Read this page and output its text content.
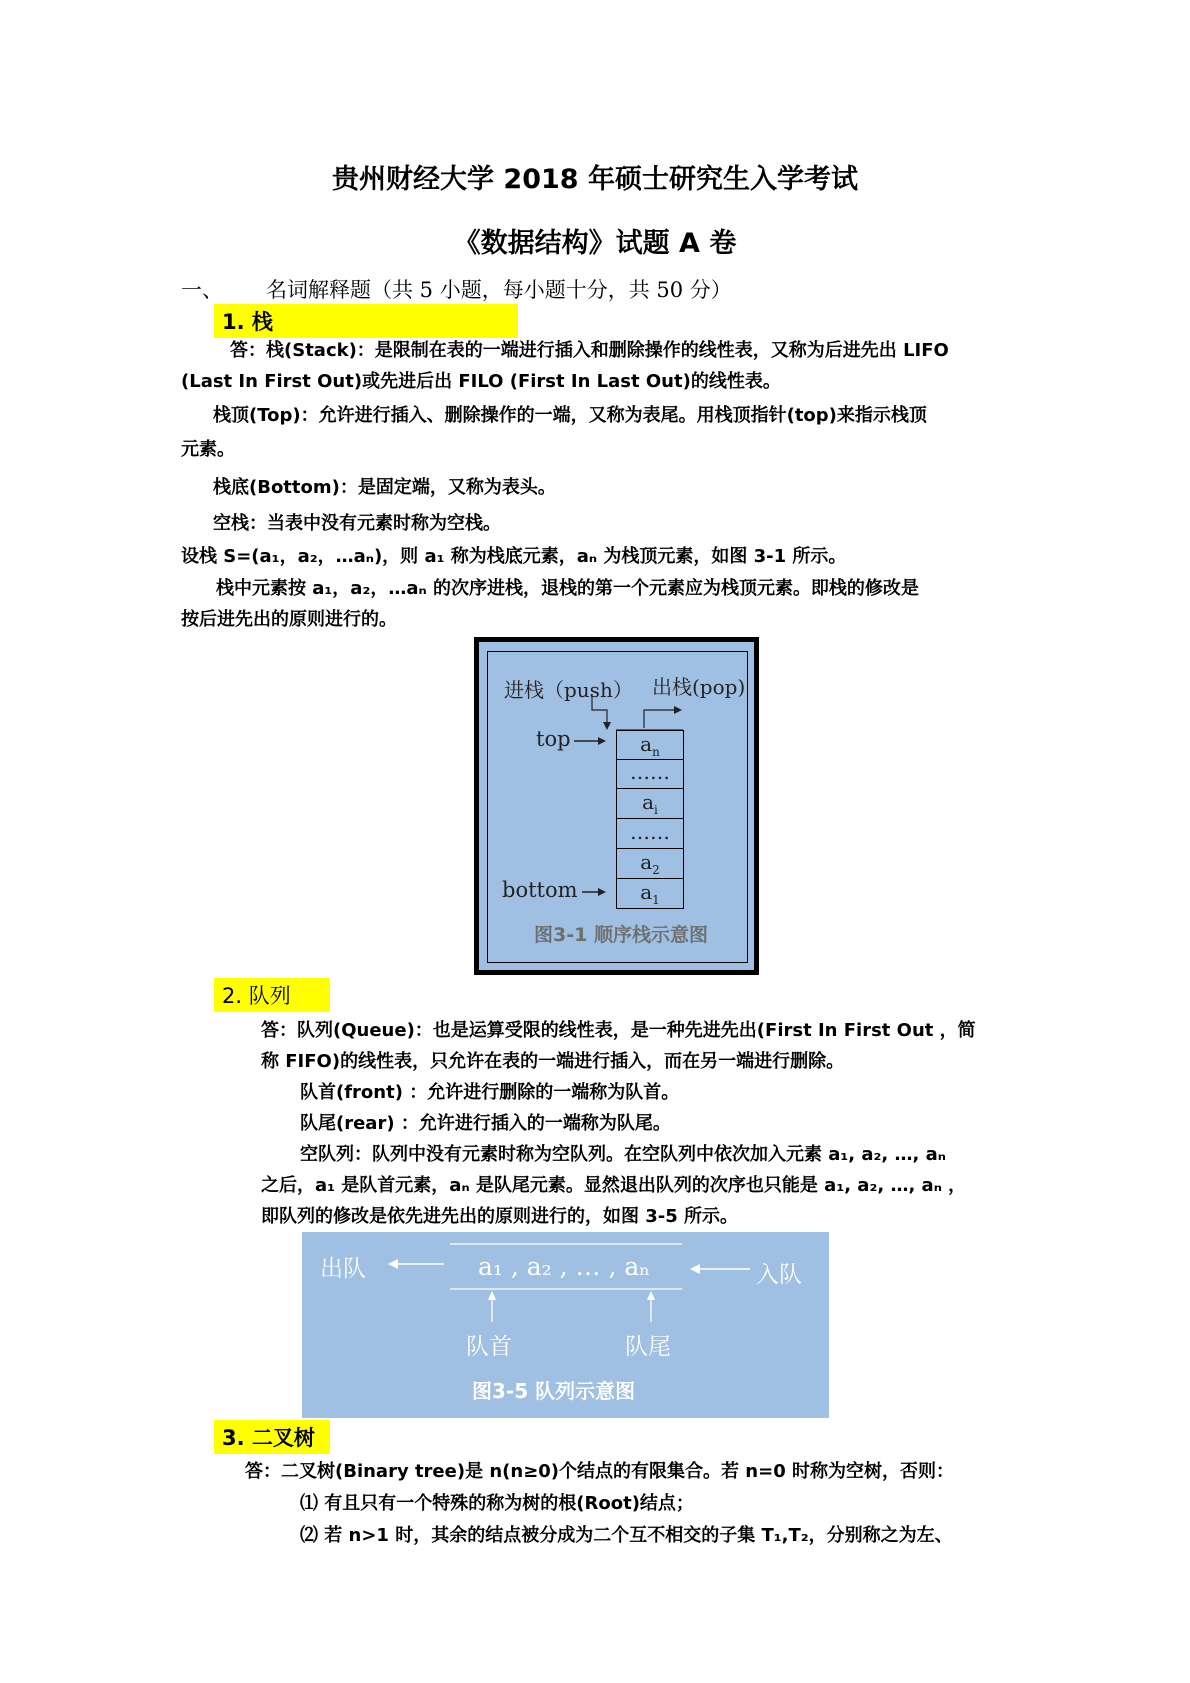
贵州财经大学 2018 年硕士研究生入学考试
《数据结构》试题 A 卷
一、 名词解释题（共 5 小题，每小题十分，共 50 分）
1. 栈
答：栈(Stack)：是限制在表的一端进行插入和删除操作的线性表，又称为后进先出 LIFO
(Last In First Out)或先进后出 FILO (First In Last Out)的线性表。
栈顶(Top)：允许进行插入、删除操作的一端，又称为表尾。用栈顶指针(top)来指示栈顶
元素。
栈底(Bottom)：是固定端，又称为表头。
空栈：当表中没有元素时称为空栈。
设栈 S=(a₁，a₂，…aₙ)，则 a₁ 称为栈底元素，aₙ 为栈顶元素，如图 3-1 所示。
栈中元素按 a₁，a₂，…aₙ 的次序进栈，退栈的第一个元素应为栈顶元素。即栈的修改是
按后进先出的原则进行的。
进栈（push） 出栈(pop)
top
bottom
$a_n$
……
$a_i$
……
$a_2$
$a_1$
图3-1 顺序栈示意图
2. 队列
答：队列(Queue)：也是运算受限的线性表，是一种先进先出(First In First Out ，简
称 FIFO)的线性表，只允许在表的一端进行插入，而在另一端进行删除。
队首(front) ：允许进行删除的一端称为队首。
队尾(rear) ：允许进行插入的一端称为队尾。
空队列：队列中没有元素时称为空队列。在空队列中依次加入元素 a₁, a₂, …, aₙ
之后，a₁ 是队首元素，aₙ 是队尾元素。显然退出队列的次序也只能是 a₁, a₂, …, aₙ ，
即队列的修改是依先进先出的原则进行的，如图 3-5 所示。
出队	入队
a₁ , a₂ , … , aₙ
队首	队尾
图3-5 队列示意图
3. 二叉树
答：二叉树(Binary tree)是 n(n≥0)个结点的有限集合。若 n=0 时称为空树，否则：
⑴ 有且只有一个特殊的称为树的根(Root)结点；
⑵ 若 n>1 时，其余的结点被分成为二个互不相交的子集 T₁,T₂，分别称之为左、
